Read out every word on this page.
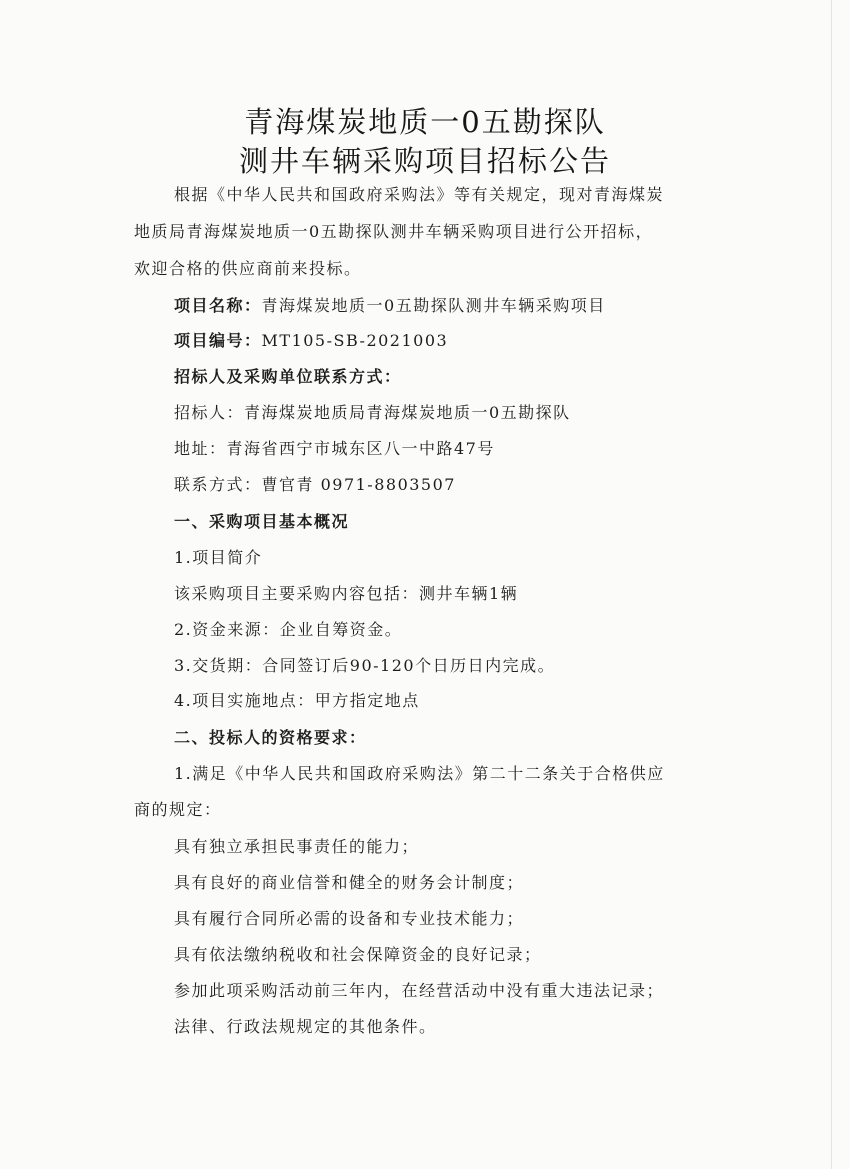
青海煤炭地质一0五勘探队
测井车辆采购项目招标公告
根据《中华人民共和国政府采购法》等有关规定，现对青海煤炭
地质局青海煤炭地质一0五勘探队测井车辆采购项目进行公开招标，
欢迎合格的供应商前来投标。
项目名称：青海煤炭地质一0五勘探队测井车辆采购项目
项目编号：MT105-SB-2021003
招标人及采购单位联系方式：
招标人：青海煤炭地质局青海煤炭地质一0五勘探队
地址：青海省西宁市城东区八一中路47号
联系方式：曹官青 0971-8803507
一、采购项目基本概况
1.项目简介
该采购项目主要采购内容包括：测井车辆1辆
2.资金来源：企业自筹资金。
3.交货期：合同签订后90-120个日历日内完成。
4.项目实施地点：甲方指定地点
二、投标人的资格要求：
1.满足《中华人民共和国政府采购法》第二十二条关于合格供应
商的规定：
具有独立承担民事责任的能力；
具有良好的商业信誉和健全的财务会计制度；
具有履行合同所必需的设备和专业技术能力；
具有依法缴纳税收和社会保障资金的良好记录；
参加此项采购活动前三年内，在经营活动中没有重大违法记录；
法律、行政法规规定的其他条件。
